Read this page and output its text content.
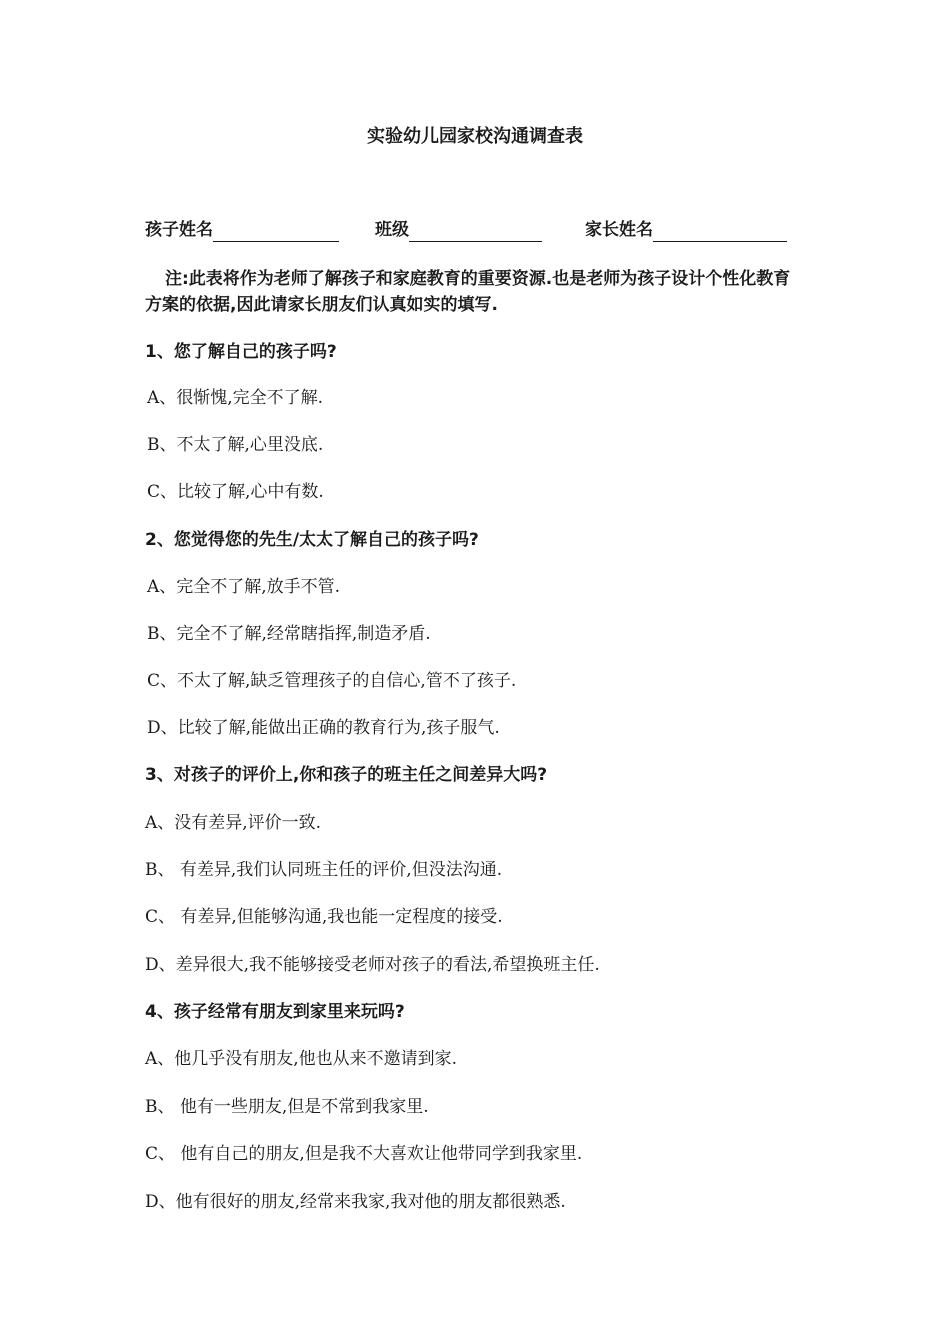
实验幼儿园家校沟通调查表
孩子姓名	班级	家长姓名
注:此表将作为老师了解孩子和家庭教育的重要资源.也是老师为孩子设计个性化教育方案的依据,因此请家长朋友们认真如实的填写.
1、您了解自己的孩子吗?
A、很惭愧,完全不了解.
B、不太了解,心里没底.
C、比较了解,心中有数.
2、您觉得您的先生/太太了解自己的孩子吗?
A、完全不了解,放手不管.
B、完全不了解,经常瞎指挥,制造矛盾.
C、不太了解,缺乏管理孩子的自信心,管不了孩子.
D、比较了解,能做出正确的教育行为,孩子服气.
3、对孩子的评价上,你和孩子的班主任之间差异大吗?
A、没有差异,评价一致.
B、 有差异,我们认同班主任的评价,但没法沟通.
C、 有差异,但能够沟通,我也能一定程度的接受.
D、差异很大,我不能够接受老师对孩子的看法,希望换班主任.
4、孩子经常有朋友到家里来玩吗?
A、他几乎没有朋友,他也从来不邀请到家.
B、 他有一些朋友,但是不常到我家里.
C、 他有自己的朋友,但是我不大喜欢让他带同学到我家里.
D、他有很好的朋友,经常来我家,我对他的朋友都很熟悉.
